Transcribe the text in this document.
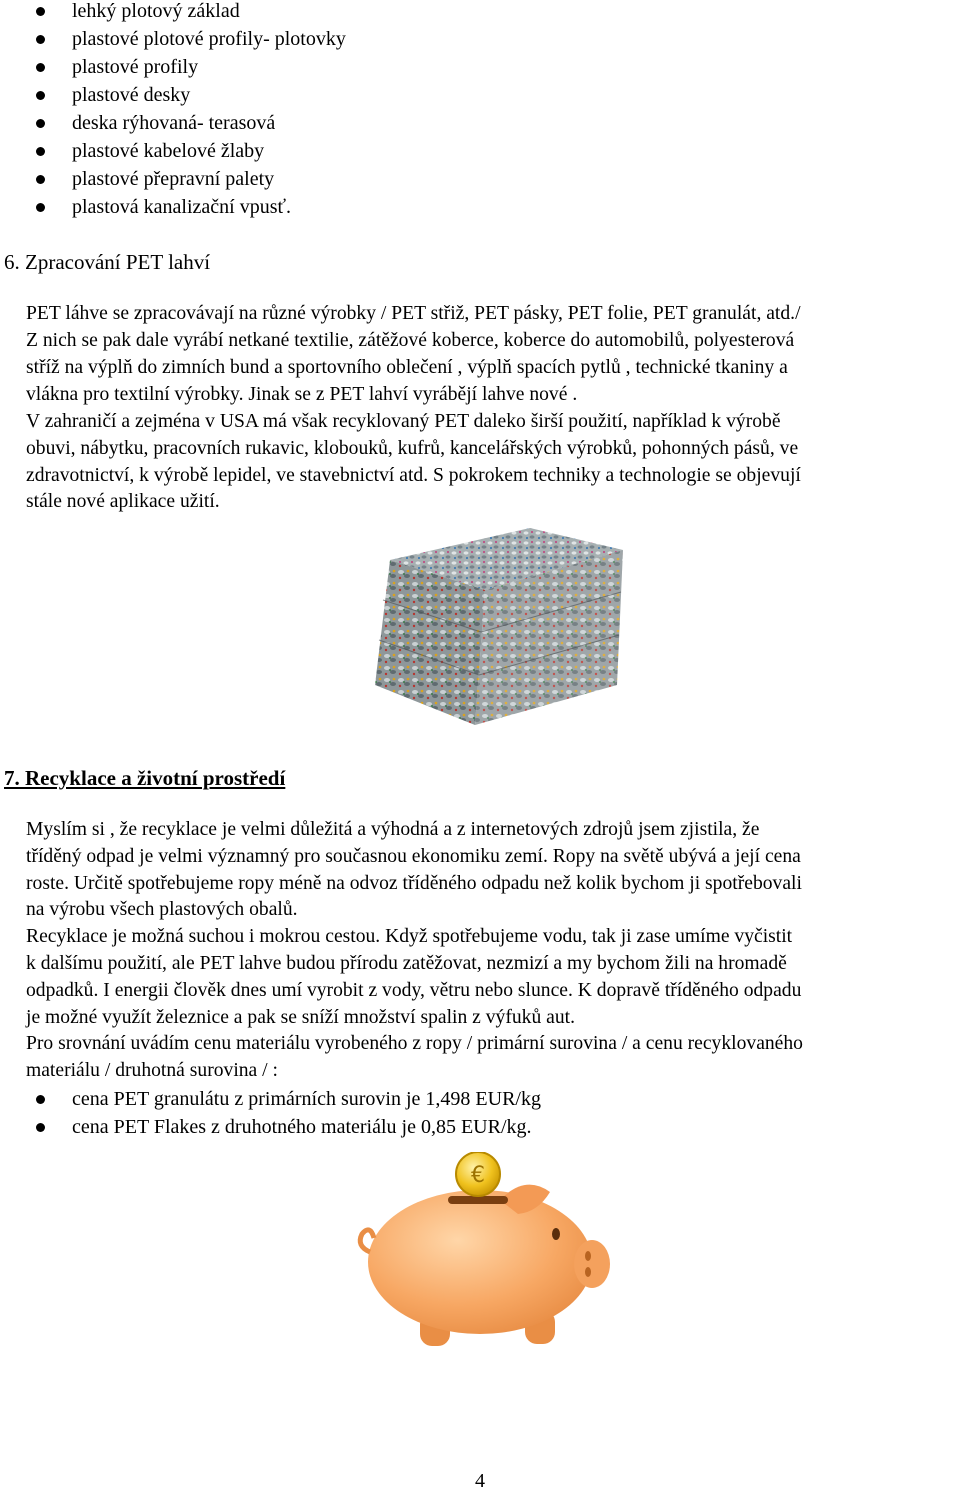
lehký plotový základ
plastové plotové profily- plotovky
plastové profily
plastové desky
deska rýhovaná- terasová
plastové kabelové žlaby
plastové přepravní palety
plastová kanalizační vpusť.
6. Zpracování PET lahví
PET láhve se zpracovávají na různé výrobky / PET střiž, PET pásky, PET folie, PET granulát, atd./
Z nich se pak dale vyrábí netkané textilie, zátěžové koberce, koberce do automobilů, polyesterová
stříž na výplň do zimních bund a sportovního oblečení , výplň spacích pytlů , technické tkaniny a
vlákna pro textilní výrobky. Jinak se z PET lahví vyrábějí lahve nové .
V zahraničí a zejména v USA má však recyklovaný PET daleko širší použití, například k výrobě
obuvi, nábytku, pracovních rukavic, klobouků, kufrů, kancelářských výrobků, pohonných pásů, ve
zdravotnictví, k výrobě lepidel, ve stavebnictví atd. S pokrokem techniky a technologie se objevují
stále nové aplikace užití.
7. Recyklace a životní prostředí
Myslím si , že recyklace je velmi důležitá a výhodná a z internetových zdrojů jsem zjistila, že
tříděný odpad je velmi významný pro současnou ekonomiku zemí. Ropy na světě ubývá a její cena
roste. Určitě spotřebujeme ropy méně na odvoz tříděného odpadu než kolik bychom ji spotřebovali
na výrobu všech plastových obalů.
Recyklace je možná suchou i mokrou cestou. Když spotřebujeme vodu, tak ji zase umíme vyčistit
k dalšímu použití, ale PET lahve budou přírodu zatěžovat, nezmizí a my bychom žili na hromadě
odpadků. I energii člověk dnes umí vyrobit z vody, větru nebo slunce. K dopravě tříděného odpadu
je možné využít železnice a pak se sníží množství spalin z výfuků aut.
Pro srovnání uvádím cenu materiálu vyrobeného z ropy / primární surovina / a cenu recyklovaného
materiálu / druhotná surovina / :
cena PET granulátu z primárních surovin je 1,498 EUR/kg
cena PET Flakes z druhotného materiálu je 0,85 EUR/kg.
€
4
